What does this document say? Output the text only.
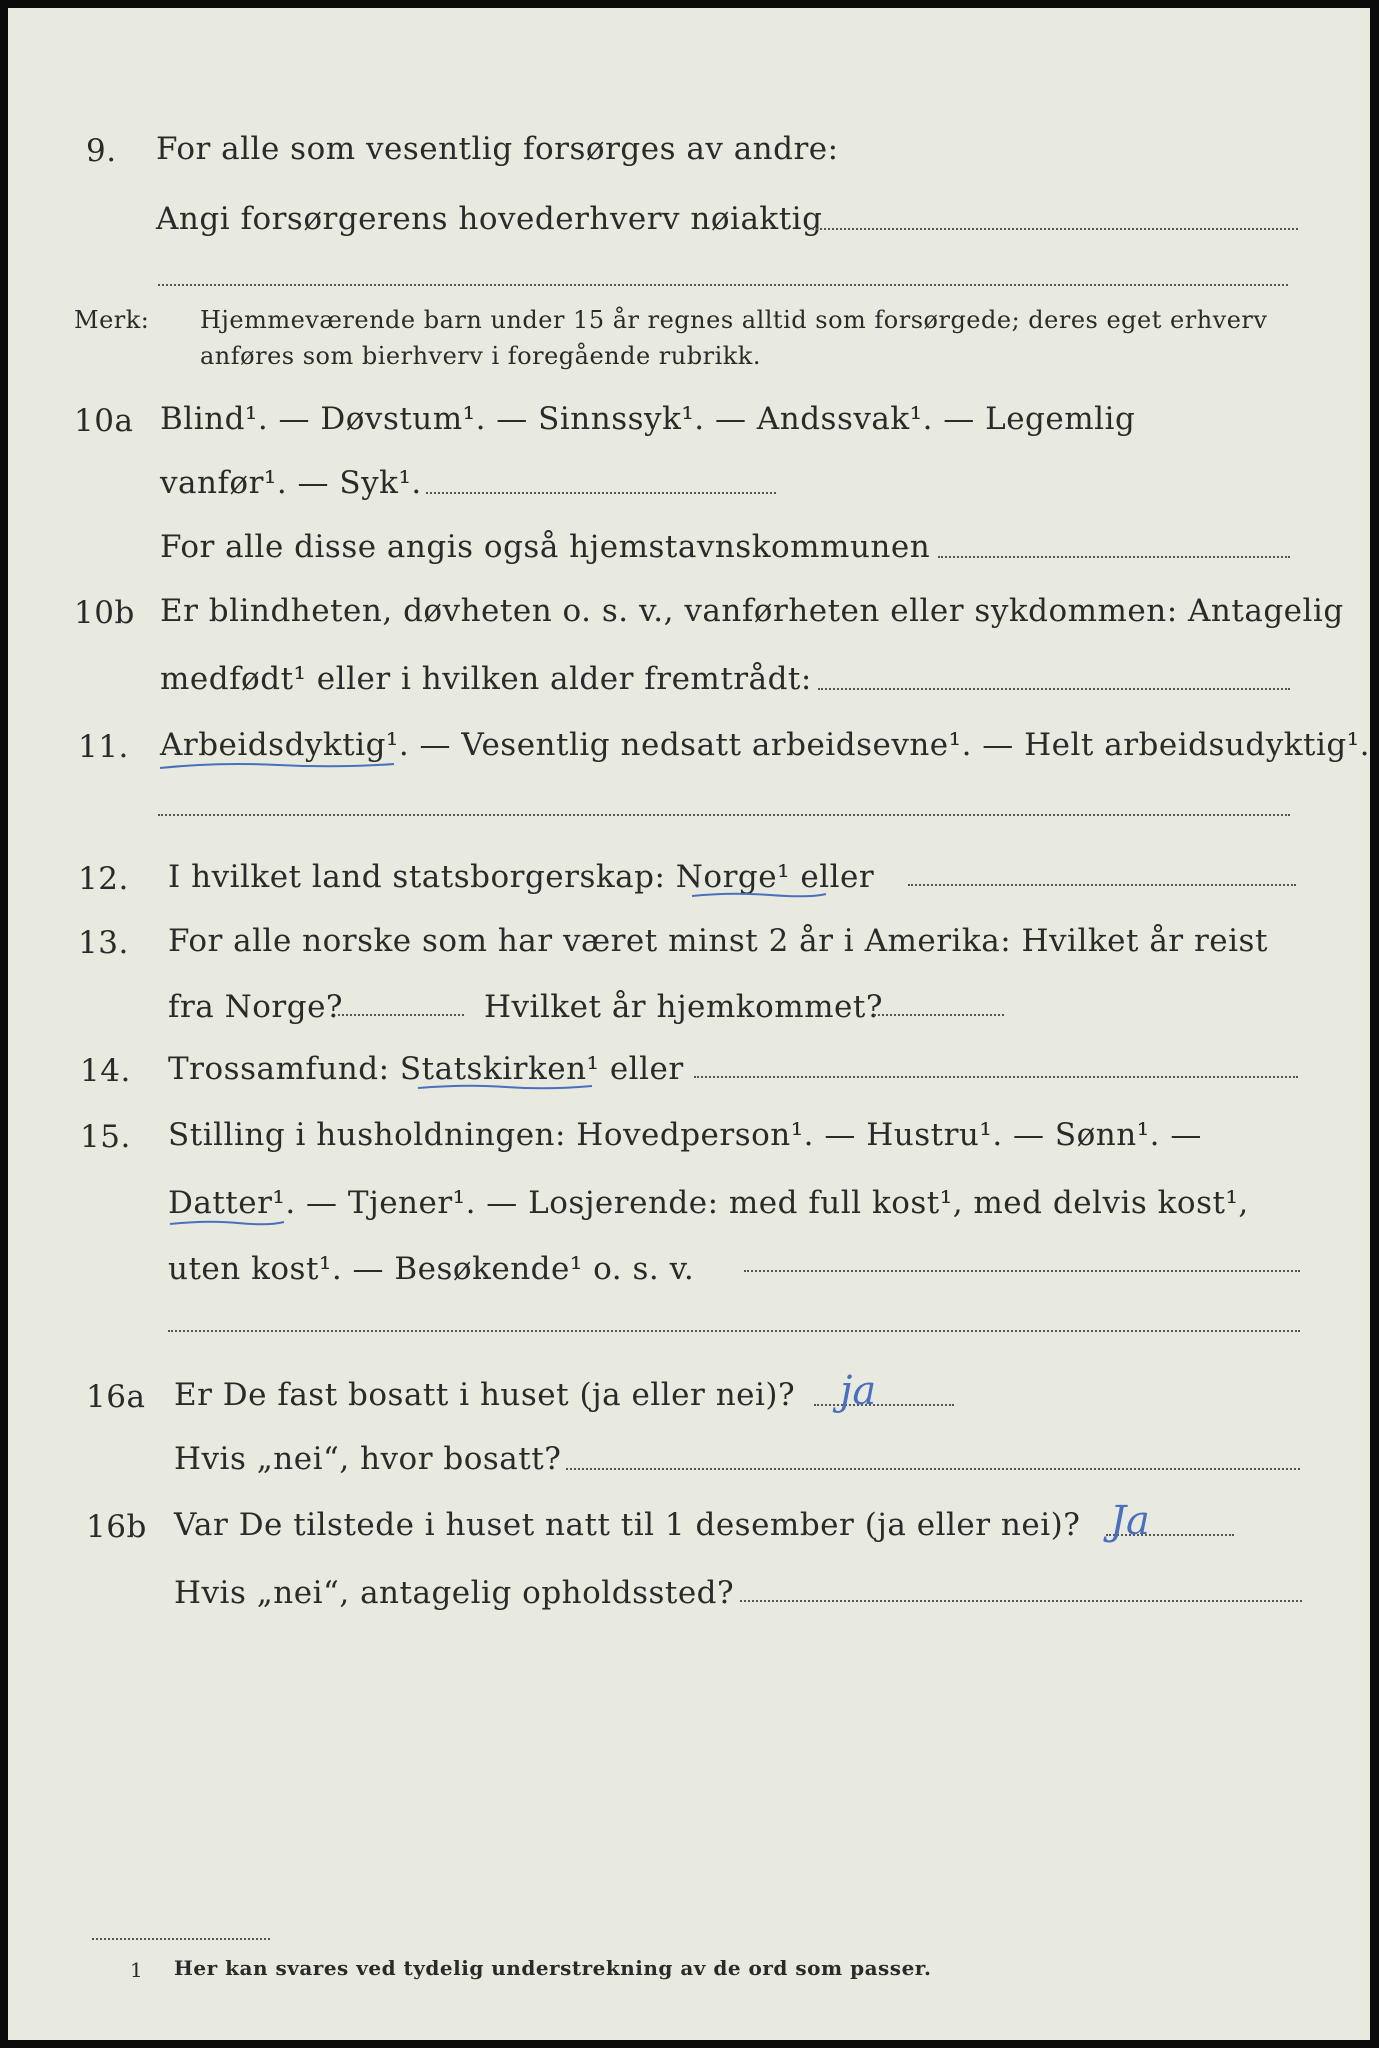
9. For alle som vesentlig forsørges av andre:
Angi forsørgerens hovederhverv nøiaktig
Merk: Hjemmeværende barn under 15 år regnes alltid som forsørgede; deres eget erhverv
anføres som bierhverv i foregående rubrikk.
10a Blind¹. — Døvstum¹. — Sinnssyk¹. — Andssvak¹. — Legemlig
vanfør¹. — Syk¹.
For alle disse angis også hjemstavnskommunen
10b Er blindheten, døvheten o. s. v., vanførheten eller sykdommen: Antagelig
medfødt¹ eller i hvilken alder fremtrådt:
11. Arbeidsdyktig¹. — Vesentlig nedsatt arbeidsevne¹. — Helt arbeidsudyktig¹.
12. I hvilket land statsborgerskap: Norge¹ eller
13. For alle norske som har været minst 2 år i Amerika: Hvilket år reist
fra Norge?	Hvilket år hjemkommet?
14. Trossamfund: Statskirken¹ eller
15. Stilling i husholdningen: Hovedperson¹. — Hustru¹. — Sønn¹. —
Datter¹. — Tjener¹. — Losjerende: med full kost¹, med delvis kost¹,
uten kost¹. — Besøkende¹ o. s. v.
16a Er De fast bosatt i huset (ja eller nei)? ja
Hvis „nei“, hvor bosatt?
16b Var De tilstede i huset natt til 1 desember (ja eller nei)? Ja
Hvis „nei“, antagelig opholdssted?
1 Her kan svares ved tydelig understrekning av de ord som passer.
